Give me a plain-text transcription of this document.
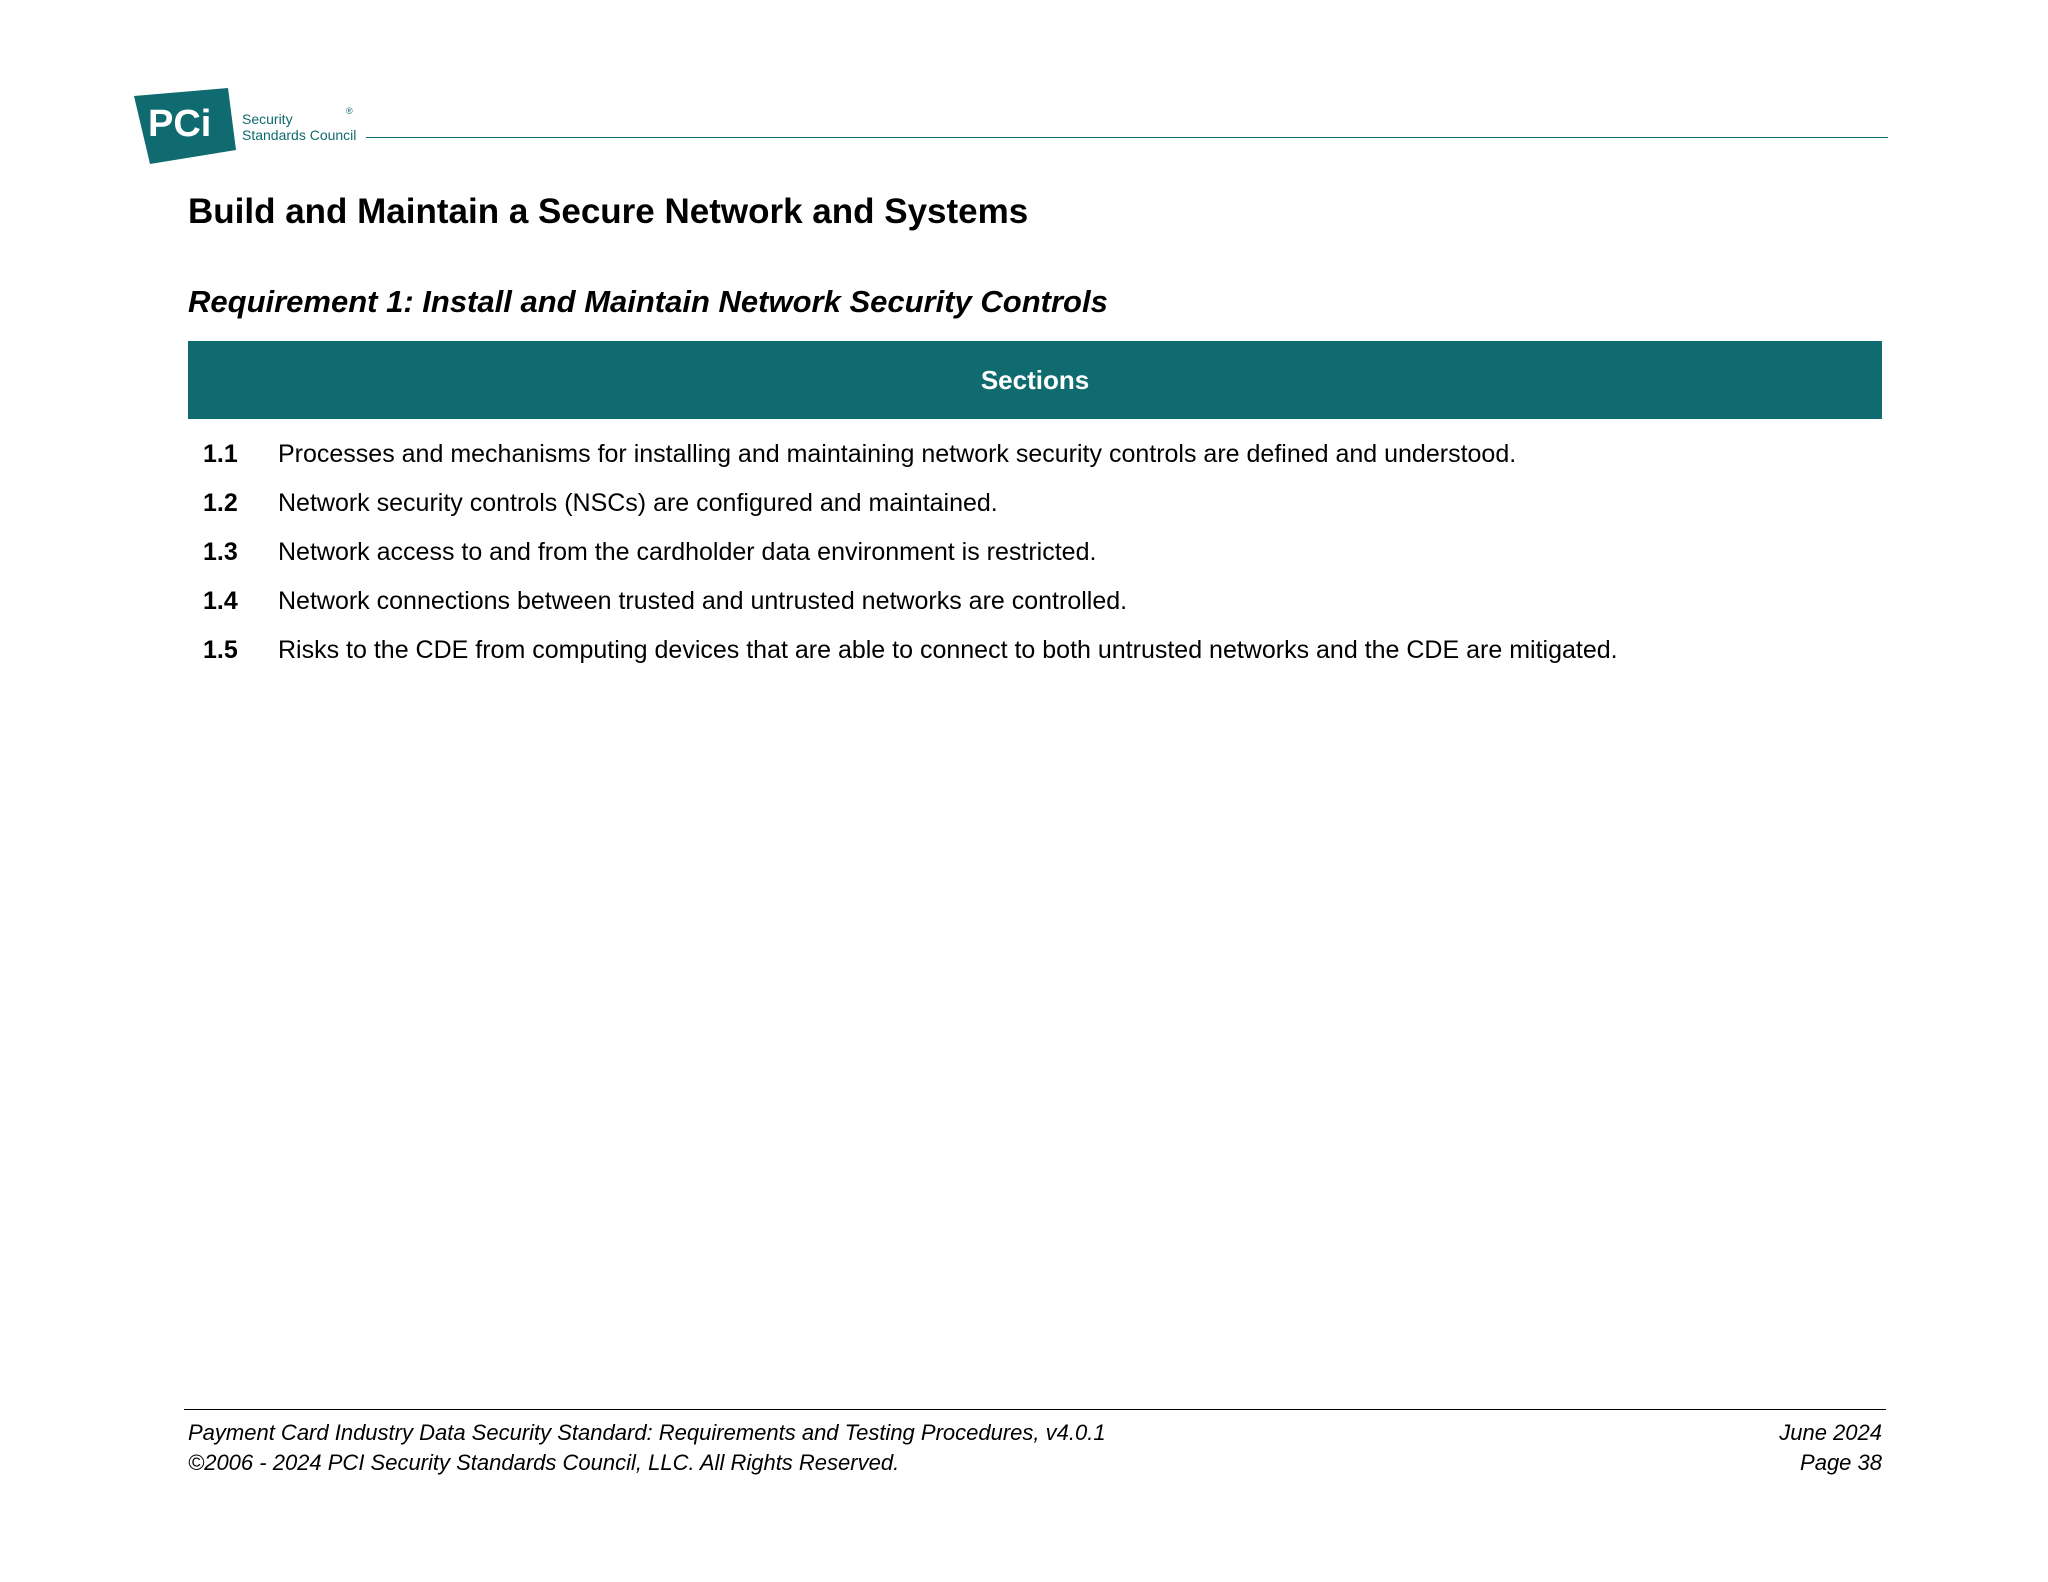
PCi Security
Standards Council
®
Build and Maintain a Secure Network and Systems
Requirement 1: Install and Maintain Network Security Controls
Sections
1.1	Processes and mechanisms for installing and maintaining network security controls are defined and understood.
1.2	Network security controls (NSCs) are configured and maintained.
1.3	Network access to and from the cardholder data environment is restricted.
1.4	Network connections between trusted and untrusted networks are controlled.
1.5	Risks to the CDE from computing devices that are able to connect to both untrusted networks and the CDE are mitigated.
Payment Card Industry Data Security Standard: Requirements and Testing Procedures, v4.0.1	June 2024
©2006 - 2024 PCI Security Standards Council, LLC. All Rights Reserved.	Page 38
